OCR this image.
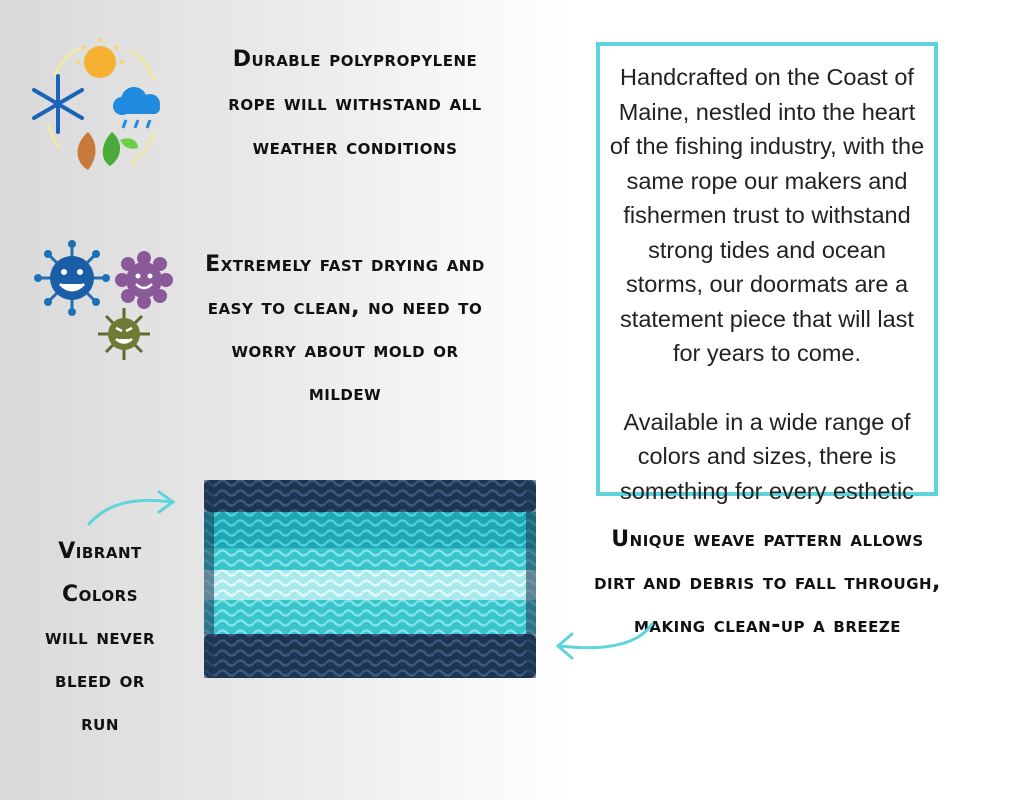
Durable polypropylene rope will withstand all weather conditions
Extremely fast drying and easy to clean, no need to worry about mold or mildew
Vibrant Colors will never bleed or run
Unique weave pattern allows dirt and debris to fall through, making clean-up a breeze

Handcrafted on the Coast of Maine, nestled into the heart of the fishing industry, with the same rope our makers and fishermen trust to withstand strong tides and ocean storms, our doormats are a statement piece that will last for years to come.

Available in a wide range of colors and sizes, there is something for every esthetic
